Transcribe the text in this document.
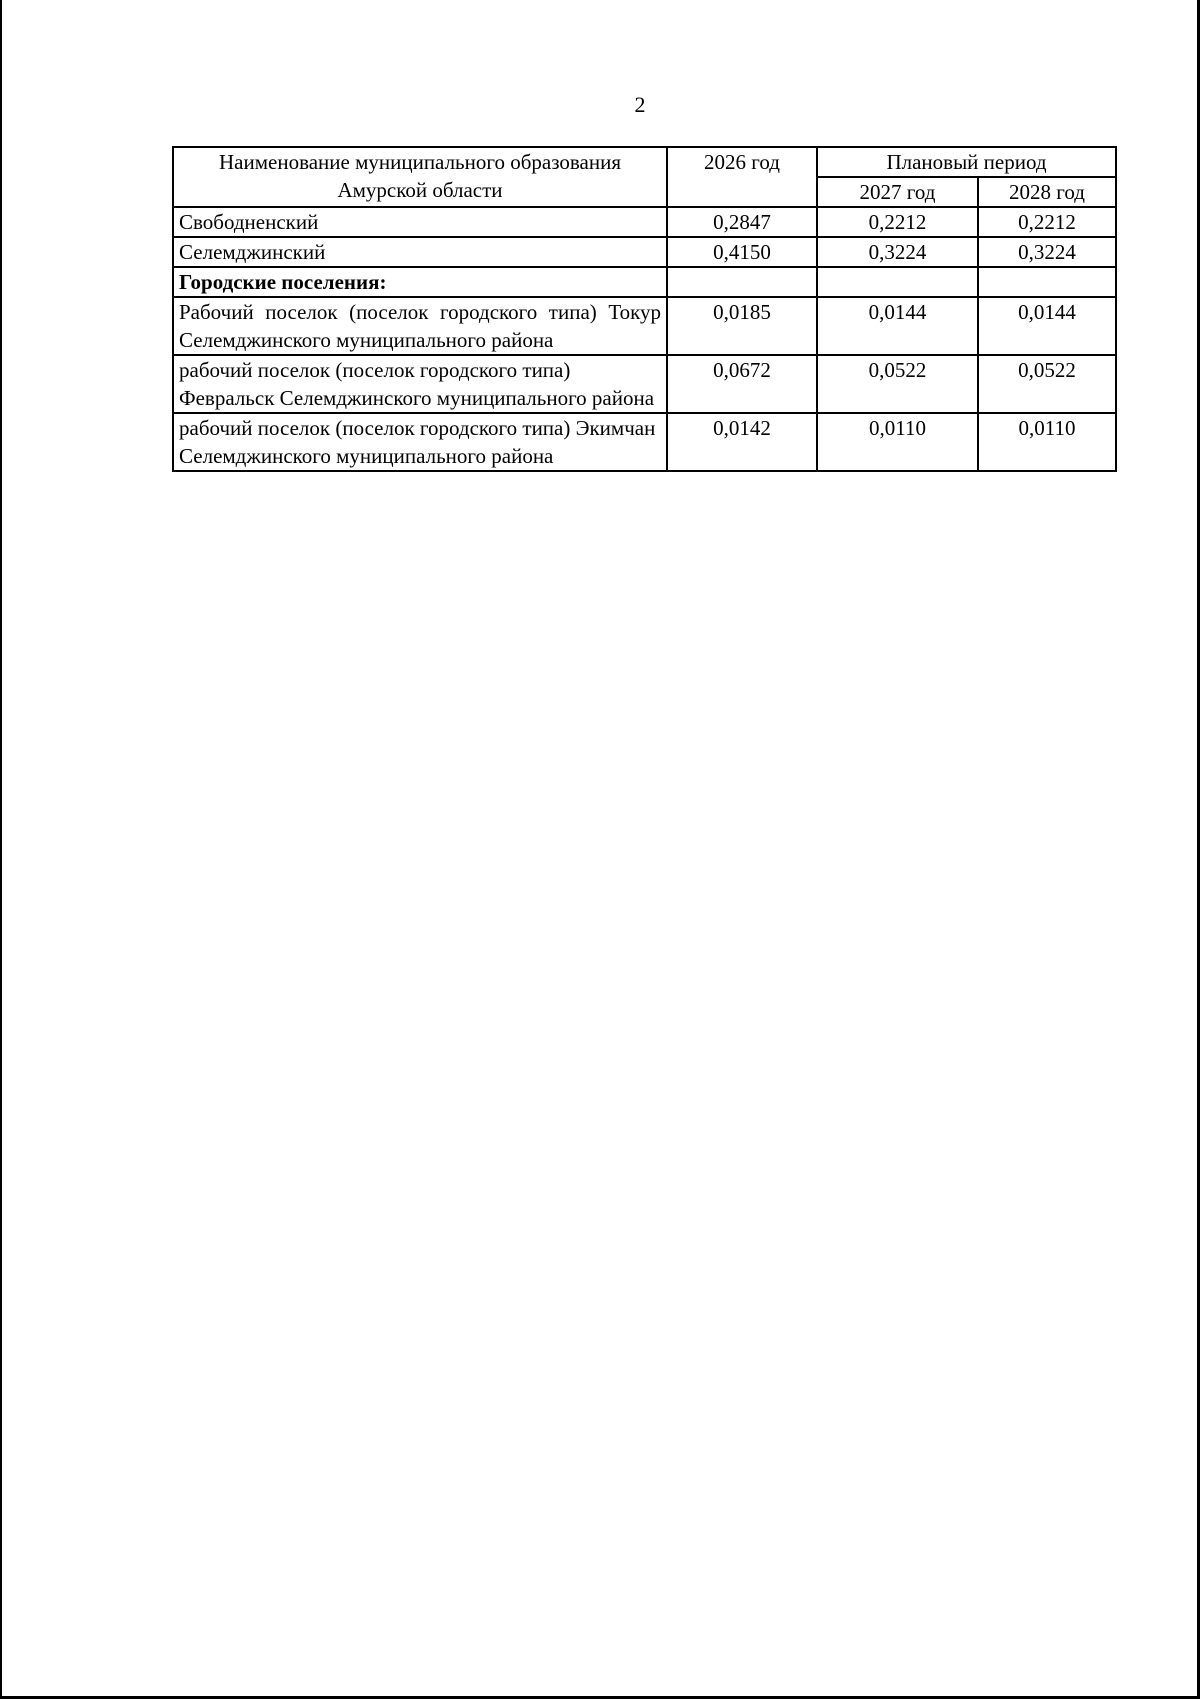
2
Наименование муниципального образования Амурской области	2026 год	Плановый период	
		2027 год	2028 год
Свободненский	0,2847	0,2212	0,2212
Селемджинский	0,4150	0,3224	0,3224
Городские поселения:			
Рабочий поселок (поселок городского типа) Токур Селемджинского муниципального района	0,0185	0,0144	0,0144
рабочий поселок (поселок городского типа) Февральск Селемджинского муниципального района	0,0672	0,0522	0,0522
рабочий поселок (поселок городского типа) Экимчан Селемджинского муниципального района	0,0142	0,0110	0,0110
